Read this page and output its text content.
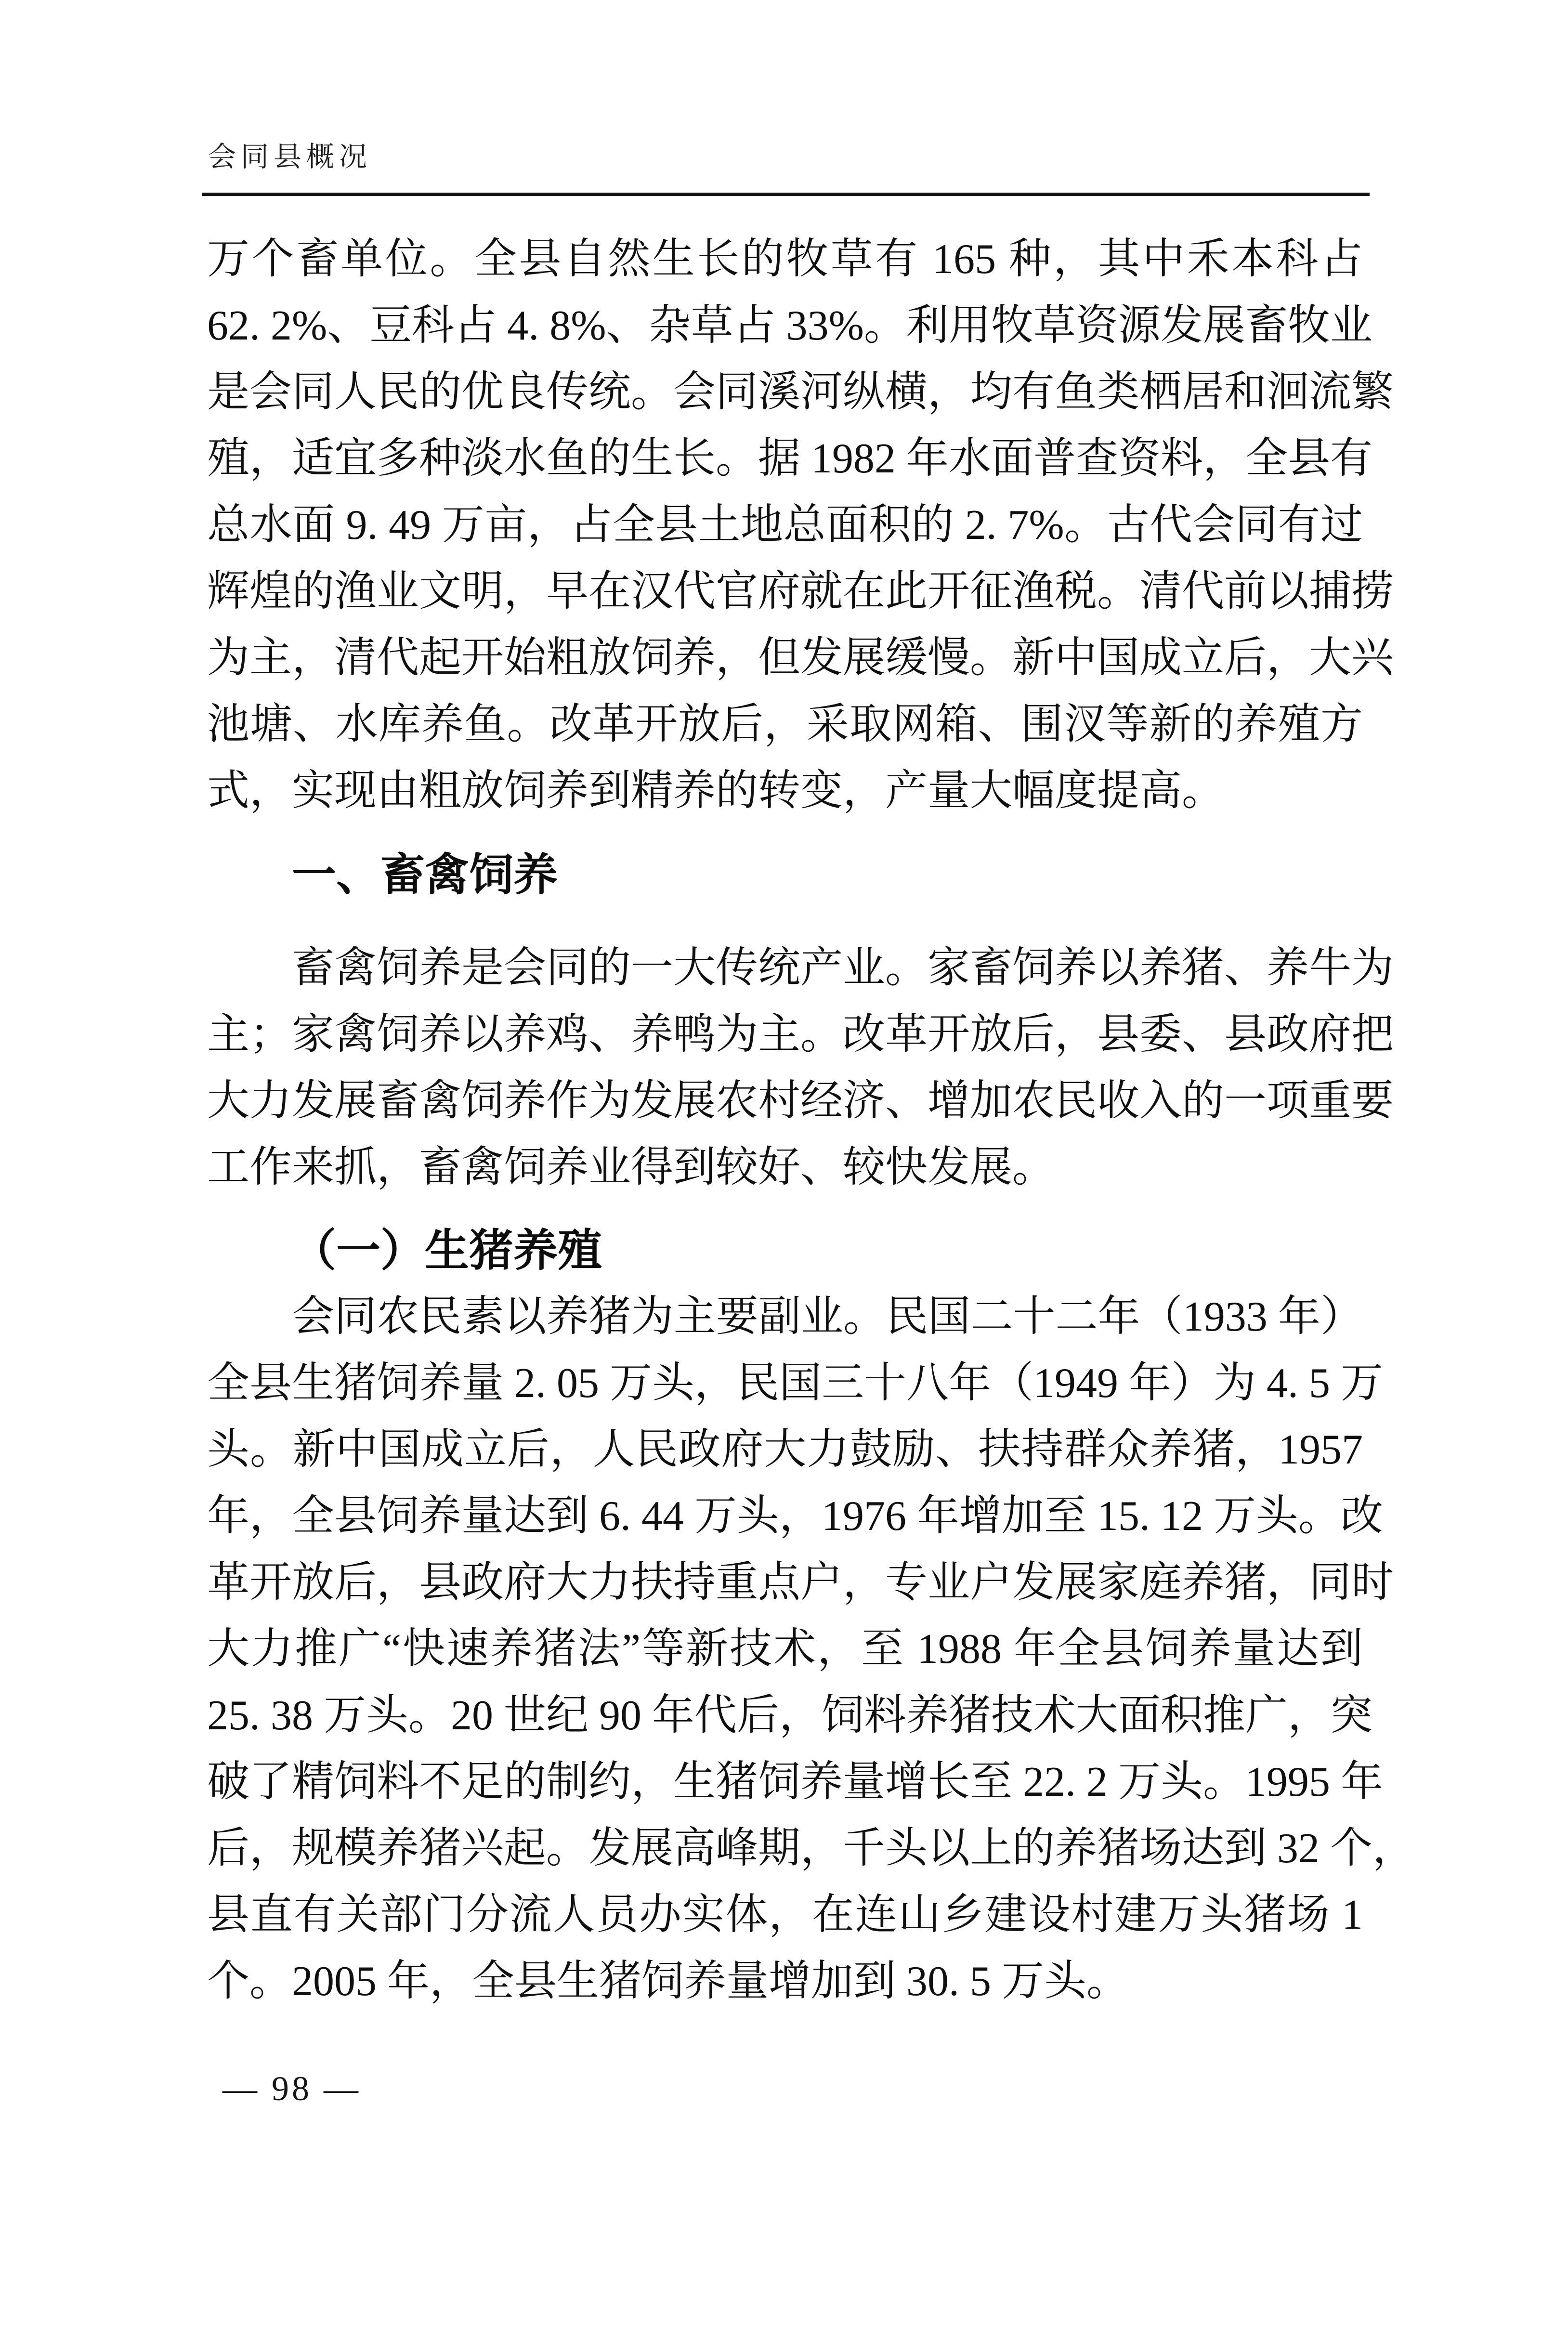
会同县概况
万个畜单位。全县自然生长的牧草有 165 种，其中禾本科占
62. 2%、豆科占 4. 8%、杂草占 33%。利用牧草资源发展畜牧业
是会同人民的优良传统。会同溪河纵横，均有鱼类栖居和洄流繁
殖，适宜多种淡水鱼的生长。据 1982 年水面普查资料，全县有
总水面 9. 49 万亩，占全县土地总面积的 2. 7%。古代会同有过
辉煌的渔业文明，早在汉代官府就在此开征渔税。清代前以捕捞
为主，清代起开始粗放饲养，但发展缓慢。新中国成立后，大兴
池塘、水库养鱼。改革开放后，采取网箱、围汊等新的养殖方
式，实现由粗放饲养到精养的转变，产量大幅度提高。
一、畜禽饲养
畜禽饲养是会同的一大传统产业。家畜饲养以养猪、养牛为
主；家禽饲养以养鸡、养鸭为主。改革开放后，县委、县政府把
大力发展畜禽饲养作为发展农村经济、增加农民收入的一项重要
工作来抓，畜禽饲养业得到较好、较快发展。
（一）生猪养殖
会同农民素以养猪为主要副业。民国二十二年（1933 年）
全县生猪饲养量 2. 05 万头，民国三十八年（1949 年）为 4. 5 万
头。新中国成立后，人民政府大力鼓励、扶持群众养猪，1957
年，全县饲养量达到 6. 44 万头，1976 年增加至 15. 12 万头。改
革开放后，县政府大力扶持重点户，专业户发展家庭养猪，同时
大力推广“快速养猪法”等新技术，至 1988 年全县饲养量达到
25. 38 万头。20 世纪 90 年代后，饲料养猪技术大面积推广，突
破了精饲料不足的制约，生猪饲养量增长至 22. 2 万头。1995 年
后，规模养猪兴起。发展高峰期，千头以上的养猪场达到 32 个，
县直有关部门分流人员办实体，在连山乡建设村建万头猪场 1
个。2005 年，全县生猪饲养量增加到 30. 5 万头。
— 98 —
